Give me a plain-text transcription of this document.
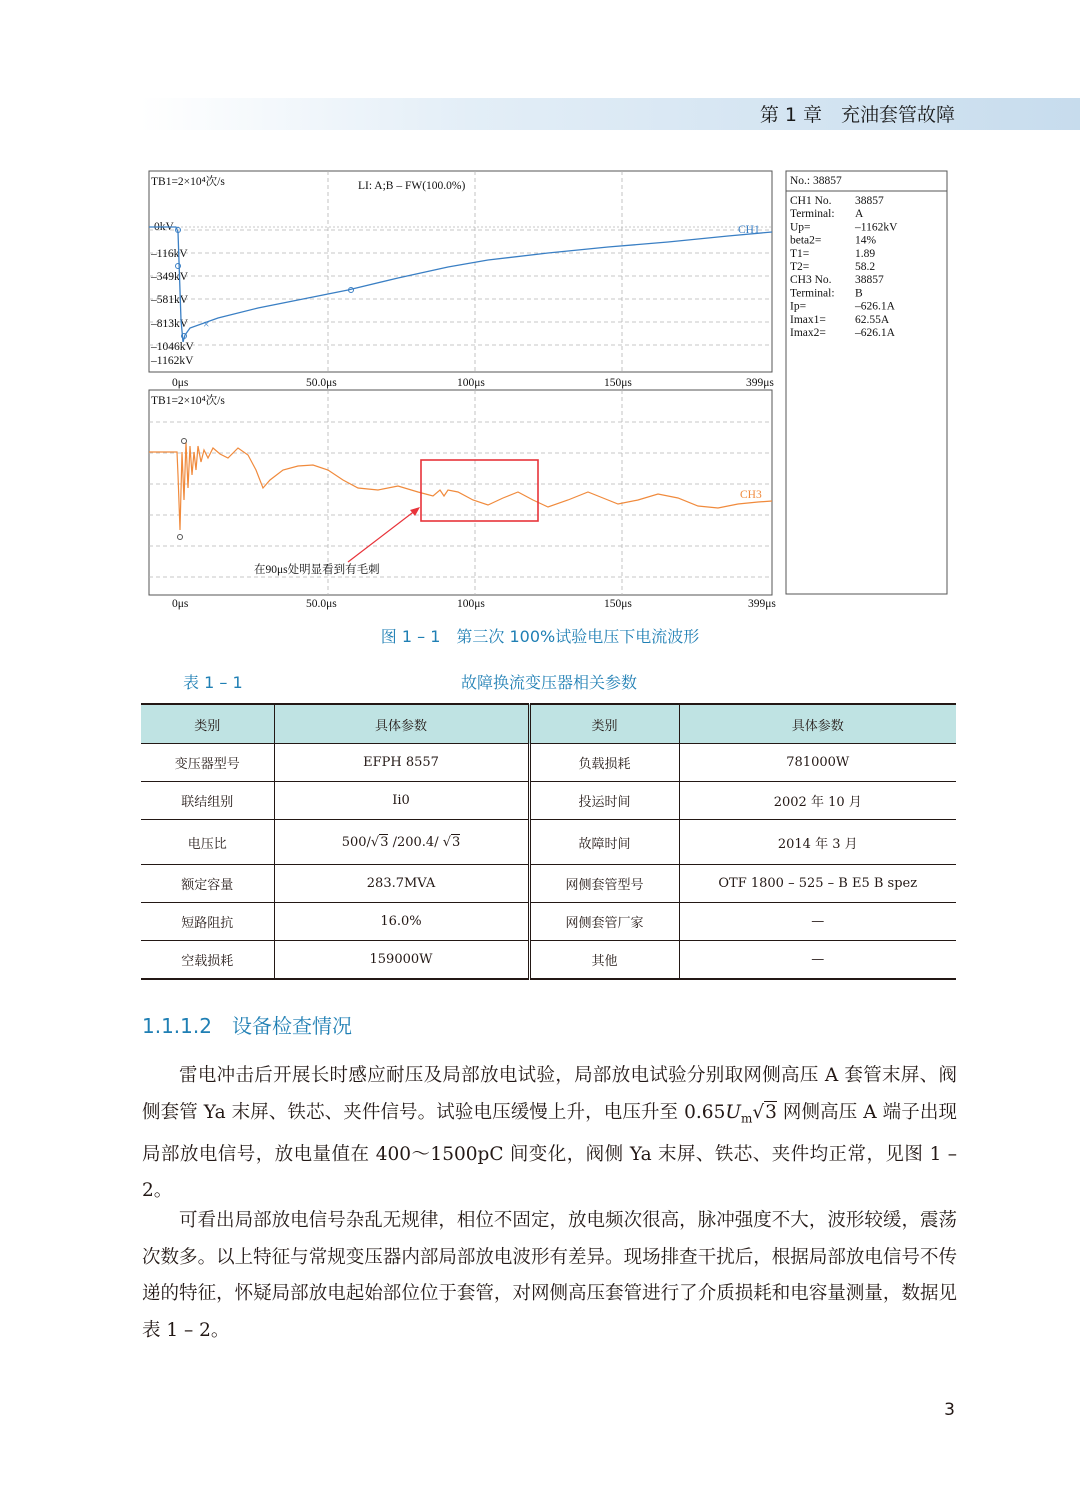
第 1 章　充油套管故障
TB1=2×10⁴次/s	LI: A;B – FW(100.0%)
0kV
–116kV
–349kV
–581kV
–813kV
–1046kV
–1162kV
×
CH1
0μs	50.0μs	100μs	150μs	399μs
TB1=2×10⁴次/s
CH3
在90μs处明显看到有毛刺
0μs	50.0μs	100μs	150μs	399μs
No.: 38857
CH1 No. 38857
Terminal: A
Up=	–1162kV
beta2=	14%
T1=	1.89
T2=	58.2
CH3 No. 38857
Terminal: B
Ip=	–626.1A
Imax1=	62.55A
Imax2=	–626.1A
图 1 – 1　第三次 100%试验电压下电流波形
表 1 – 1	故障换流变压器相关参数
类别	具体参数	类别	具体参数
变压器型号	EFPH 8557	负载损耗	781000W
联结组别	Ii0	投运时间	2002 年 10 月
电压比	500/√3 /200.4/ √3	故障时间	2014 年 3 月
额定容量	283.7MVA	网侧套管型号	OTF 1800 – 525 – B E5 B spez
短路阻抗	16.0%	网侧套管厂家	—
空载损耗	159000W	其他	—
1.1.1.2　设备检查情况

雷电冲击后开展长时感应耐压及局部放电试验，局部放电试验分别取网侧高压 A 套管末屏、阀侧套管 Ya 末屏、铁芯、夹件信号。试验电压缓慢上升，电压升至 $0.65U_m√3$ 网侧高压 A 端子出现局部放电信号，放电量值在 400～1500pC 间变化，阀侧 Ya 末屏、铁芯、夹件均正常，见图 1 – 2。

可看出局部放电信号杂乱无规律，相位不固定，放电频次很高，脉冲强度不大，波形较缓，震荡次数多。以上特征与常规变压器内部局部放电波形有差异。现场排查干扰后，根据局部放电信号不传递的特征，怀疑局部放电起始部位位于套管，对网侧高压套管进行了介质损耗和电容量测量，数据见表 1 – 2。

3
